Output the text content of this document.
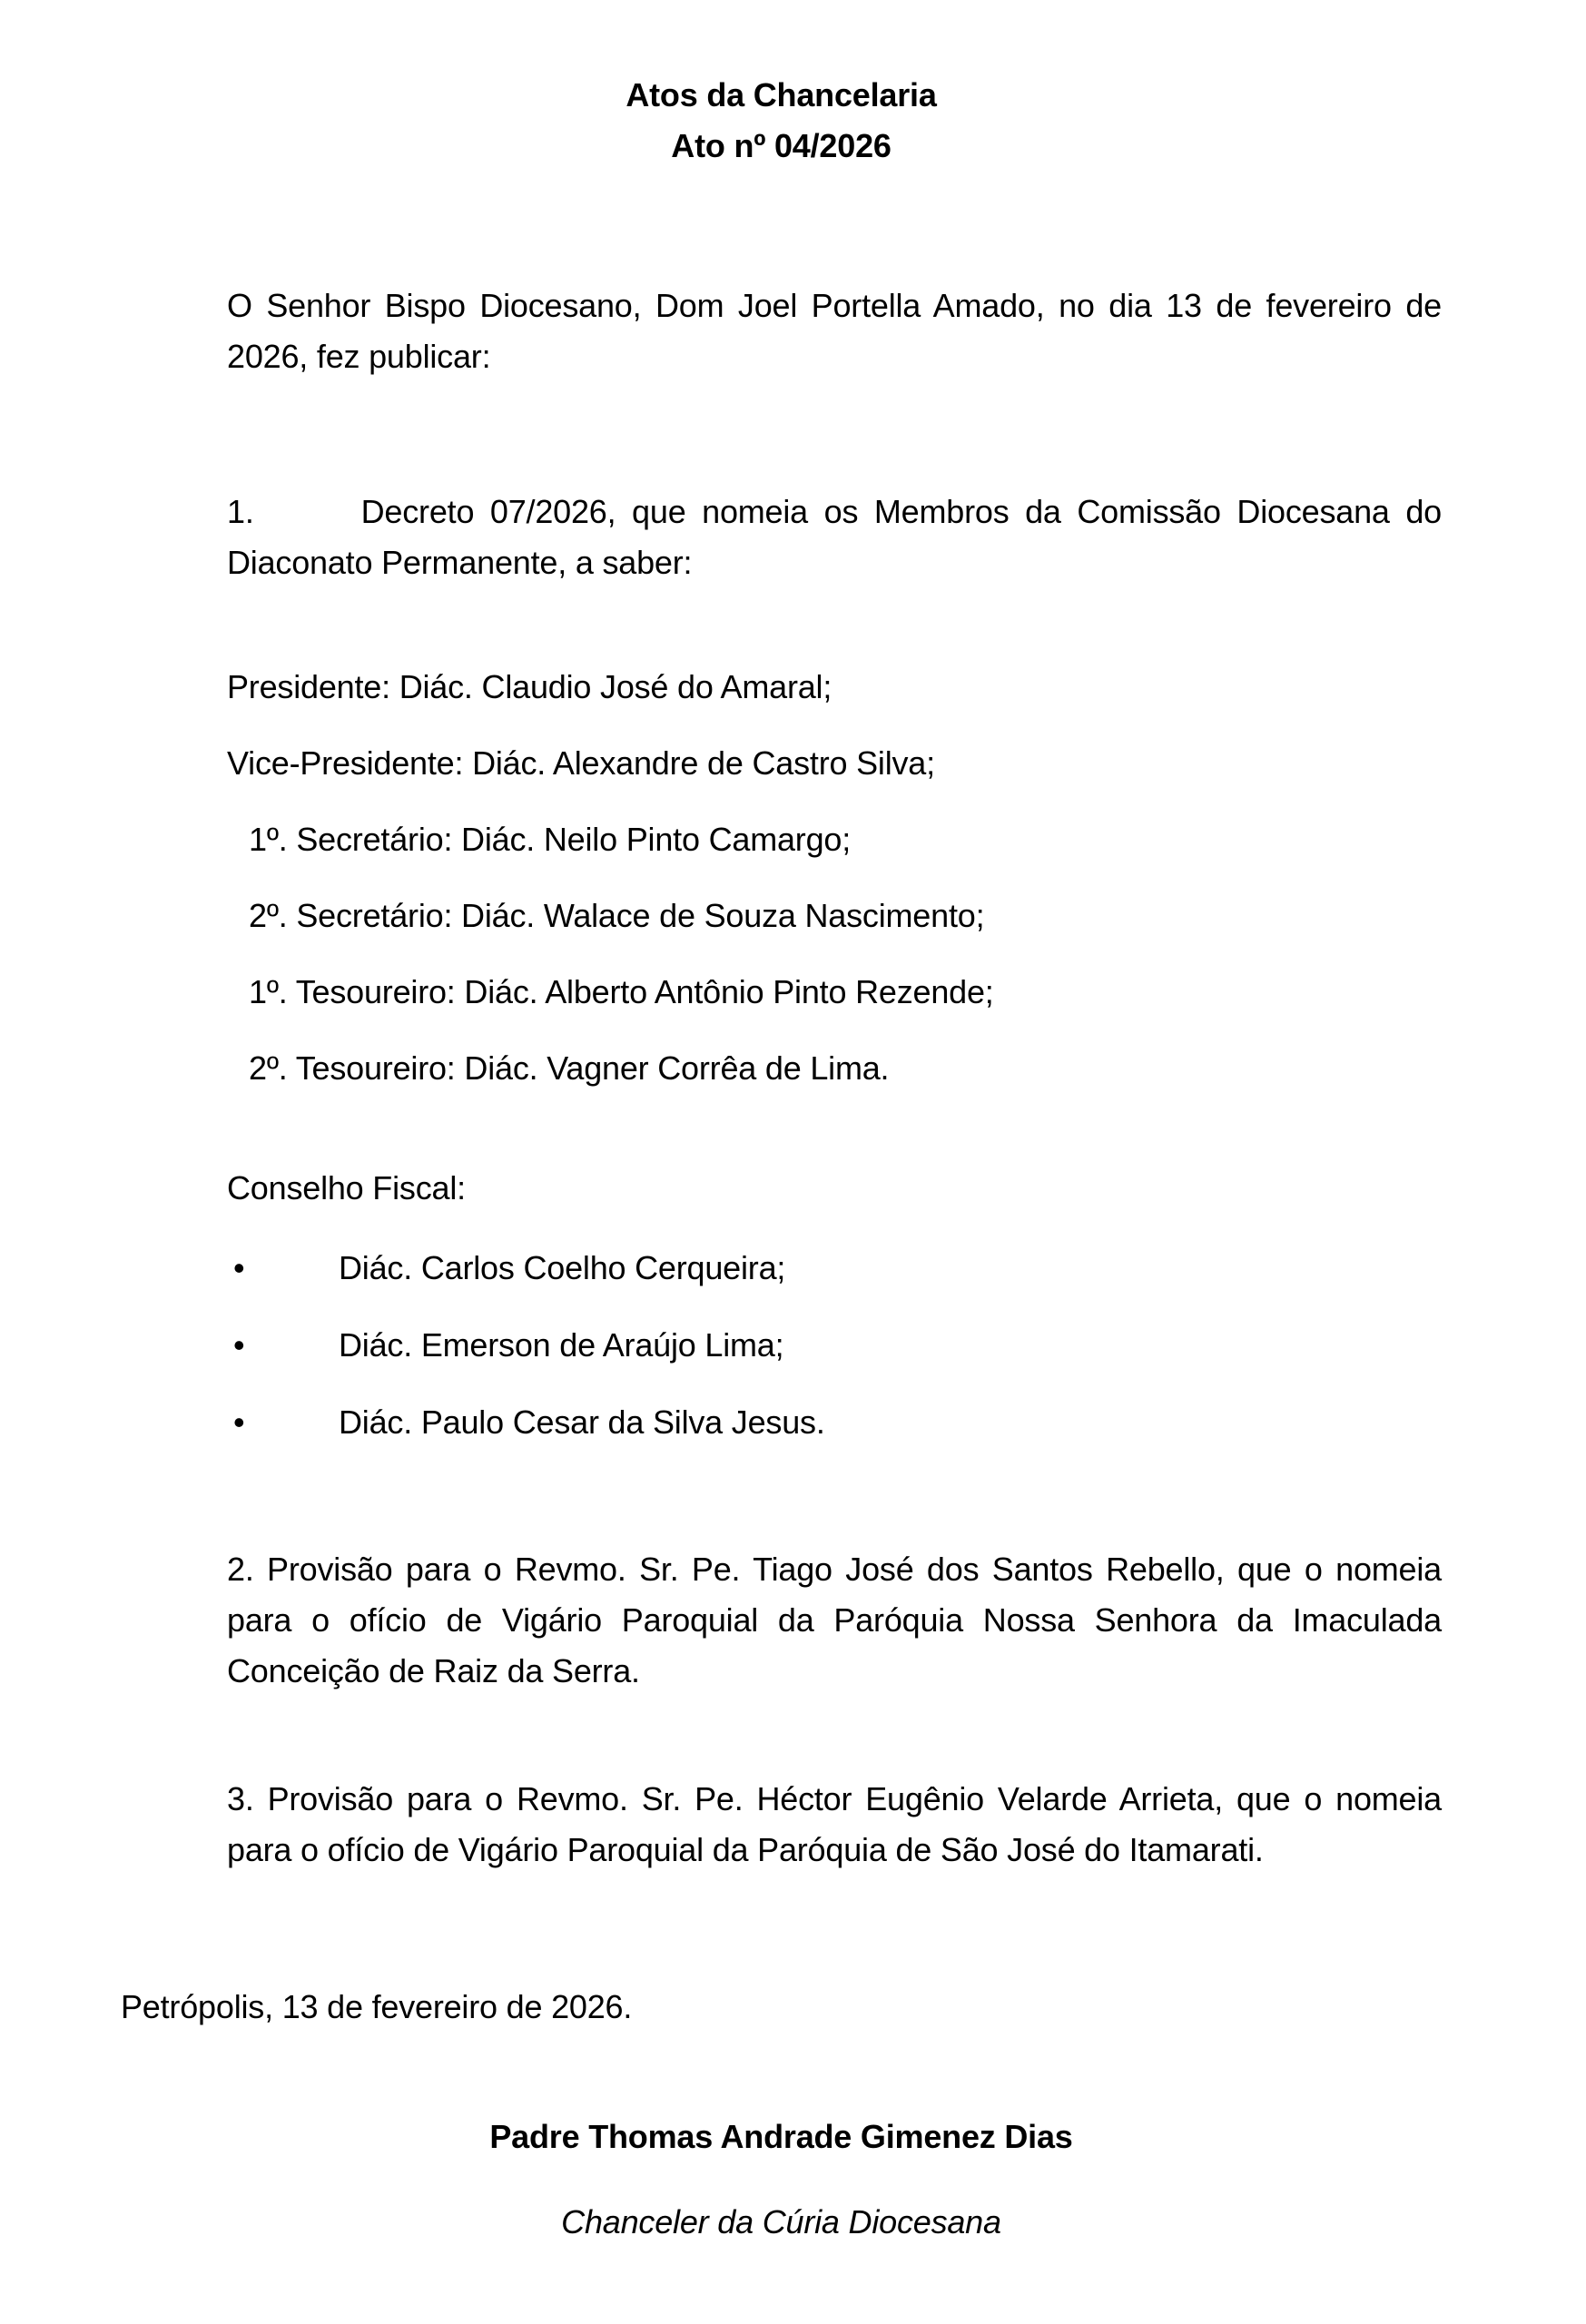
Atos da Chancelaria

Ato nº 04/2026

O Senhor Bispo Diocesano, Dom Joel Portella Amado, no dia 13 de fevereiro de 2026, fez publicar:

1.	Decreto 07/2026, que nomeia os Membros da Comissão Diocesana do Diaconato Permanente, a saber:

Presidente: Diác. Claudio José do Amaral;

Vice-Presidente: Diác. Alexandre de Castro Silva;

1º. Secretário: Diác. Neilo Pinto Camargo;

2º. Secretário: Diác. Walace de Souza Nascimento;

1º. Tesoureiro: Diác. Alberto Antônio Pinto Rezende;

2º. Tesoureiro: Diác. Vagner Corrêa de Lima.

Conselho Fiscal:

•	Diác. Carlos Coelho Cerqueira;
•	Diác. Emerson de Araújo Lima;
•	Diác. Paulo Cesar da Silva Jesus.

2. Provisão para o Revmo. Sr. Pe. Tiago José dos Santos Rebello, que o nomeia para o ofício de Vigário Paroquial da Paróquia Nossa Senhora da Imaculada Conceição de Raiz da Serra.

3. Provisão para o Revmo. Sr. Pe. Héctor Eugênio Velarde Arrieta, que o nomeia para o ofício de Vigário Paroquial da Paróquia de São José do Itamarati.

Petrópolis, 13 de fevereiro de 2026.

Padre Thomas Andrade Gimenez Dias

Chanceler da Cúria Diocesana
